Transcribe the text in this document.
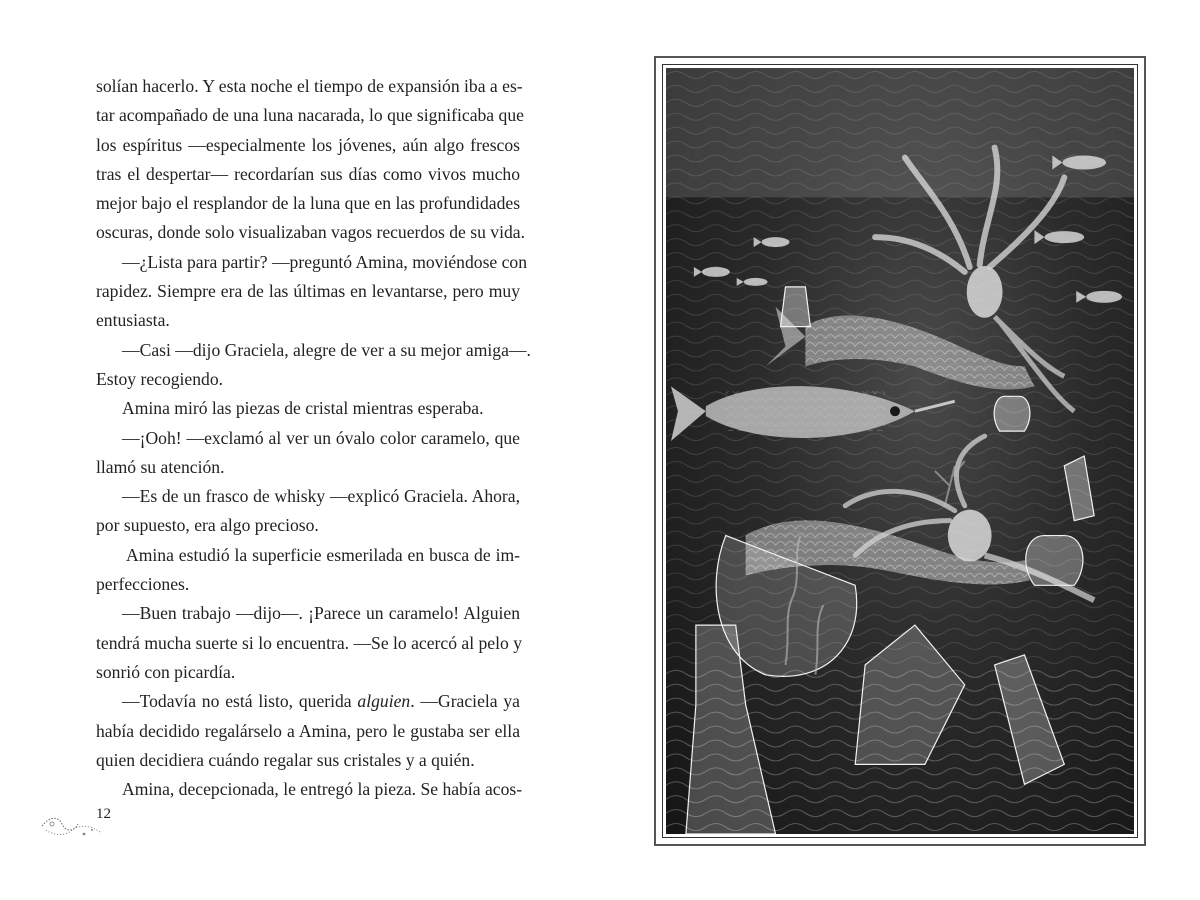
solían hacerlo. Y esta noche el tiempo de expansión iba a es-
tar acompañado de una luna nacarada, lo que significaba que
los espíritus —especialmente los jóvenes, aún algo frescos
tras el despertar— recordarían sus días como vivos mucho
mejor bajo el resplandor de la luna que en las profundidades
oscuras, donde solo visualizaban vagos recuerdos de su vida.
—¿Lista para partir? —preguntó Amina, moviéndose con
rapidez. Siempre era de las últimas en levantarse, pero muy
entusiasta.
—Casi —dijo Graciela, alegre de ver a su mejor amiga—.
Estoy recogiendo.
Amina miró las piezas de cristal mientras esperaba.
—¡Ooh! —exclamó al ver un óvalo color caramelo, que
llamó su atención.
—Es de un frasco de whisky —explicó Graciela. Ahora,
por supuesto, era algo precioso.
Amina estudió la superficie esmerilada en busca de im-
perfecciones.
—Buen trabajo —dijo—. ¡Parece un caramelo! Alguien
tendrá mucha suerte si lo encuentra. —Se lo acercó al pelo y
sonrió con picardía.
—Todavía no está listo, querida alguien. —Graciela ya
había decidido regalárselo a Amina, pero le gustaba ser ella
quien decidiera cuándo regalar sus cristales y a quién.
Amina, decepcionada, le entregó la pieza. Se había acos-
12
